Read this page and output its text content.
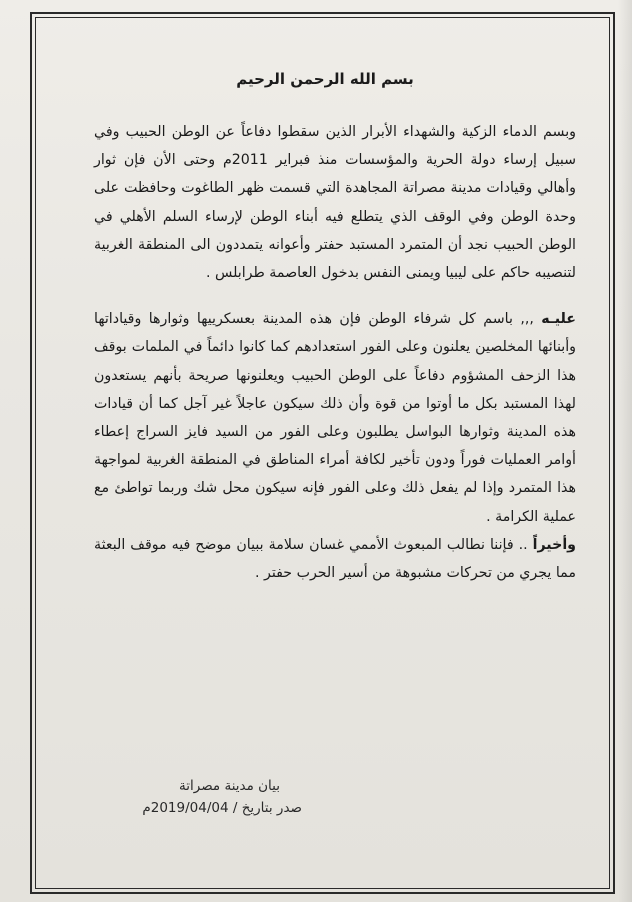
بسم الله الرحمن الرحيم

وبسم الدماء الزكية والشهداء الأبرار الذين سقطوا دفاعاً عن الوطن الحبيب وفي سبيل إرساء دولة الحرية والمؤسسات منذ فبراير 2011م وحتى الأن فإن ثوار وأهالي وقيادات مدينة مصراتة المجاهدة التي قسمت ظهر الطاغوت وحافظت على وحدة الوطن وفي الوقف الذي يتطلع فيه أبناء الوطن لإرساء السلم الأهلي في الوطن الحبيب نجد أن المتمرد المستبد حفتر وأعوانه يتمددون الى المنطقة الغربية لتنصيبه حاكم على ليبيا ويمنى النفس بدخول العاصمة طرابلس .

عليـه ,,, باسم كل شرفاء الوطن فإن هذه المدينة بعسكرييها وثوارها وقياداتها وأبنائها المخلصين يعلنون وعلى الفور استعدادهم كما كانوا دائماً في الملمات بوقف هذا الزحف المشؤوم دفاعاً على الوطن الحبيب ويعلنونها صريحة بأنهم يستعدون لهذا المستبد بكل ما أوتوا من قوة وأن ذلك سيكون عاجلاً غير آجل كما أن قيادات هذه المدينة وثوارها البواسل يطلبون وعلى الفور من السيد فايز السراج إعطاء أوامر العمليات فوراً ودون تأخير لكافة أمراء المناطق في المنطقة الغربية لمواجهة هذا المتمرد وإذا لم يفعل ذلك وعلى الفور فإنه سيكون محل شك وربما تواطئ مع عملية الكرامة .
وأخيراً .. فإننا نطالب المبعوث الأممي غسان سلامة ببيان موضح فيه موقف البعثة مما يجري من تحركات مشبوهة من أسير الحرب حفتر .

بيان مدينة مصراتة
صدر بتاريخ / 2019/04/04م
